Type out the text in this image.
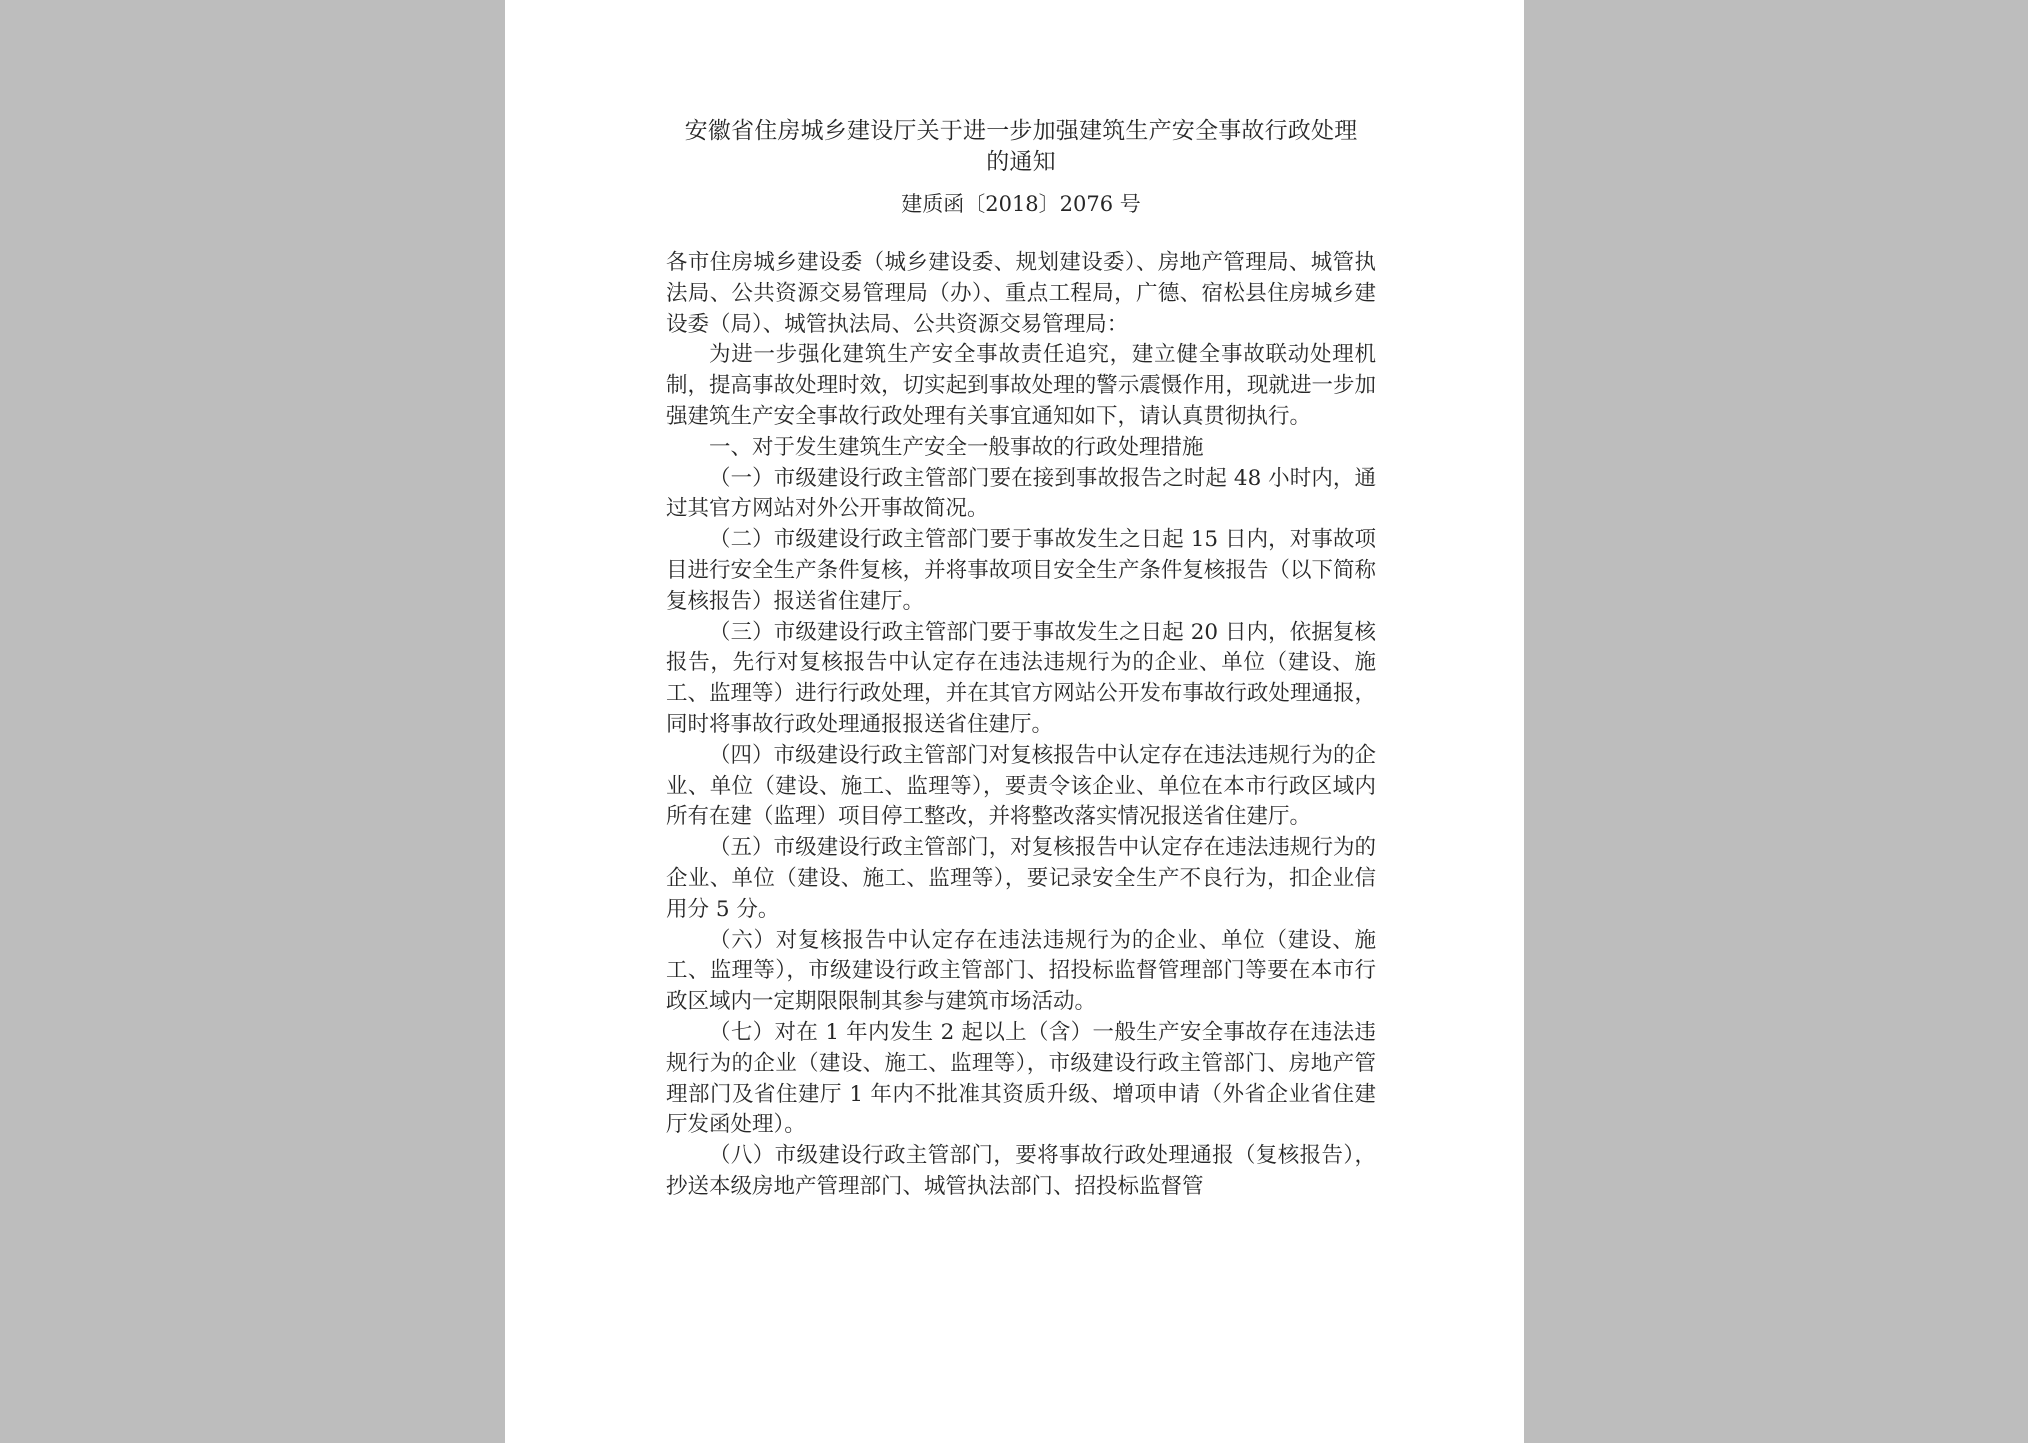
安徽省住房城乡建设厅关于进一步加强建筑生产安全事故行政处理
的通知
建质函〔2018〕2076 号

各市住房城乡建设委（城乡建设委、规划建设委）、房地产管理局、城管执法局、公共资源交易管理局（办）、重点工程局，广德、宿松县住房城乡建设委（局）、城管执法局、公共资源交易管理局：

为进一步强化建筑生产安全事故责任追究，建立健全事故联动处理机制，提高事故处理时效，切实起到事故处理的警示震慑作用，现就进一步加强建筑生产安全事故行政处理有关事宜通知如下，请认真贯彻执行。

一、对于发生建筑生产安全一般事故的行政处理措施

（一）市级建设行政主管部门要在接到事故报告之时起 48 小时内，通过其官方网站对外公开事故简况。

（二）市级建设行政主管部门要于事故发生之日起 15 日内，对事故项目进行安全生产条件复核，并将事故项目安全生产条件复核报告（以下简称复核报告）报送省住建厅。

（三）市级建设行政主管部门要于事故发生之日起 20 日内，依据复核报告，先行对复核报告中认定存在违法违规行为的企业、单位（建设、施工、监理等）进行行政处理，并在其官方网站公开发布事故行政处理通报，同时将事故行政处理通报报送省住建厅。

（四）市级建设行政主管部门对复核报告中认定存在违法违规行为的企业、单位（建设、施工、监理等），要责令该企业、单位在本市行政区域内所有在建（监理）项目停工整改，并将整改落实情况报送省住建厅。

（五）市级建设行政主管部门，对复核报告中认定存在违法违规行为的企业、单位（建设、施工、监理等），要记录安全生产不良行为，扣企业信用分 5 分。

（六）对复核报告中认定存在违法违规行为的企业、单位（建设、施工、监理等），市级建设行政主管部门、招投标监督管理部门等要在本市行政区域内一定期限限制其参与建筑市场活动。

（七）对在 1 年内发生 2 起以上（含）一般生产安全事故存在违法违规行为的企业（建设、施工、监理等），市级建设行政主管部门、房地产管理部门及省住建厅 1 年内不批准其资质升级、增项申请（外省企业省住建厅发函处理）。

（八）市级建设行政主管部门，要将事故行政处理通报（复核报告），抄送本级房地产管理部门、城管执法部门、招投标监督管
